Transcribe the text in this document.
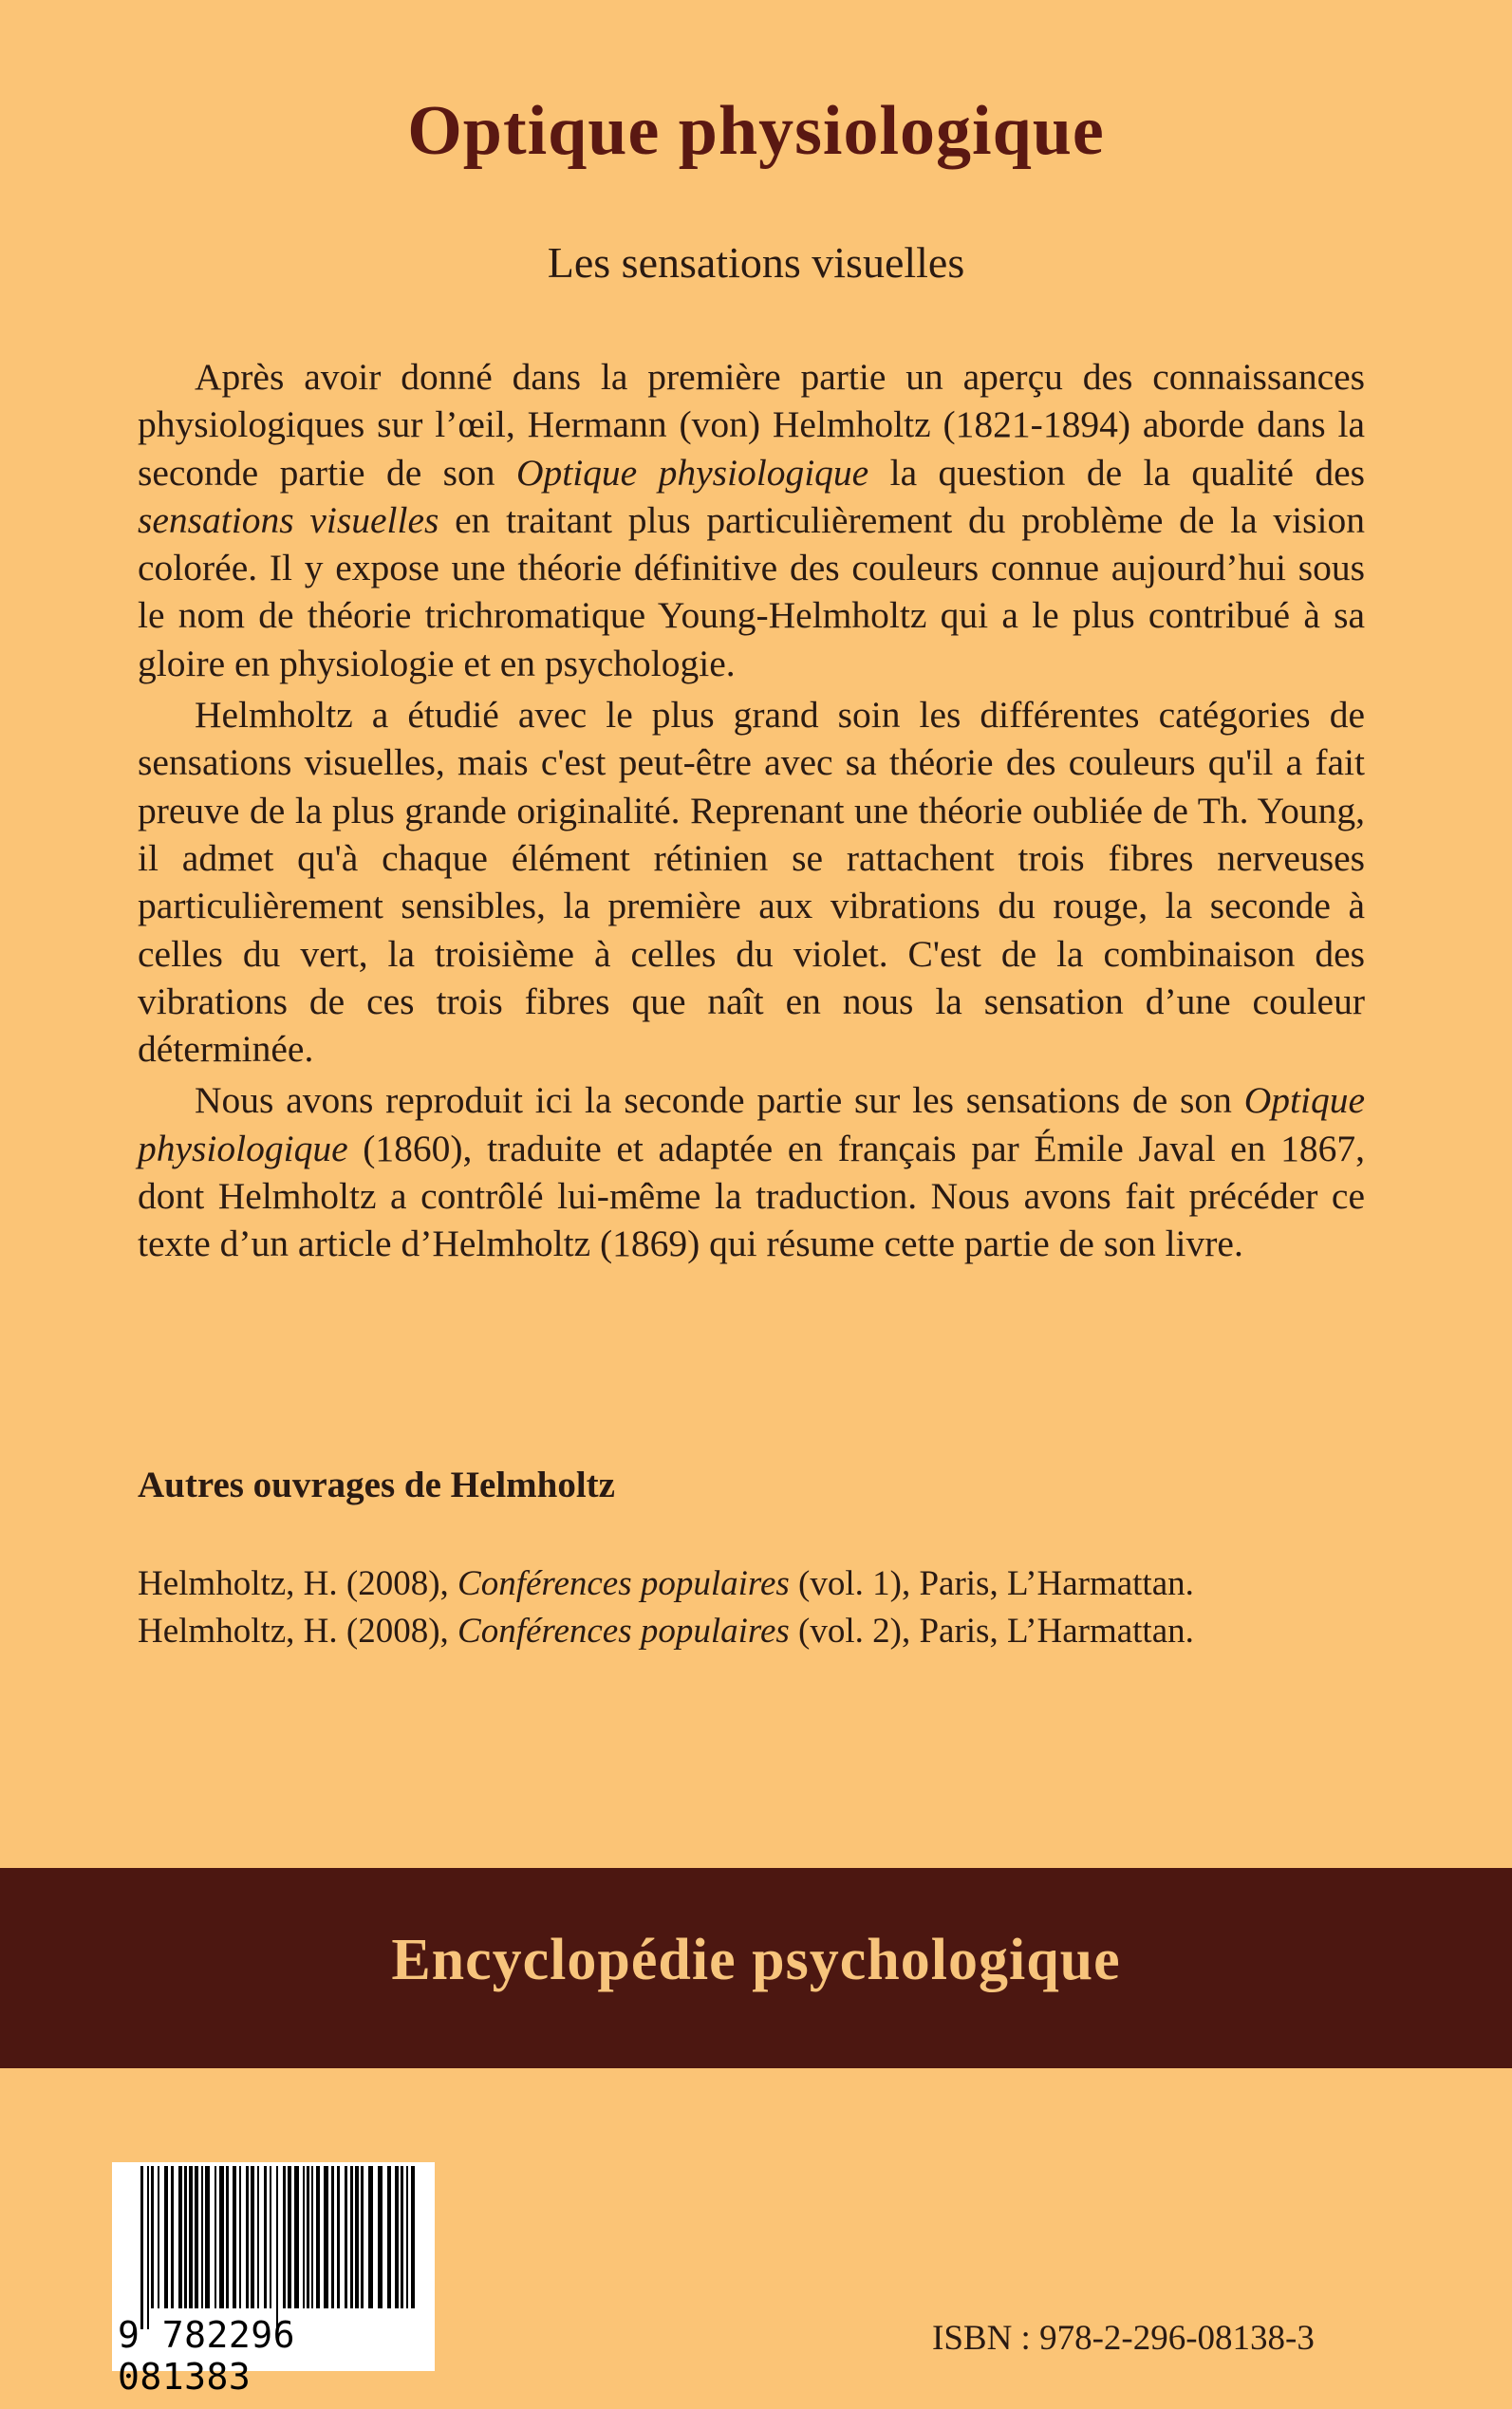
Optique physiologique
Les sensations visuelles

Après avoir donné dans la première partie un aperçu des connaissances physiologiques sur l’œil, Hermann (von) Helmholtz (1821-1894) aborde dans la seconde partie de son Optique physiologique la question de la qualité des sensations visuelles en traitant plus particulièrement du problème de la vision colorée. Il y expose une théorie définitive des couleurs connue aujourd’hui sous le nom de théorie trichromatique Young-Helmholtz qui a le plus contribué à sa gloire en physiologie et en psychologie.

Helmholtz a étudié avec le plus grand soin les différentes catégories de sensations visuelles, mais c'est peut-être avec sa théorie des couleurs qu'il a fait preuve de la plus grande originalité. Reprenant une théorie oubliée de Th. Young, il admet qu'à chaque élément rétinien se rattachent trois fibres nerveuses particulièrement sensibles, la première aux vibrations du rouge, la seconde à celles du vert, la troisième à celles du violet. C'est de la combinaison des vibrations de ces trois fibres que naît en nous la sensation d’une couleur déterminée.

Nous avons reproduit ici la seconde partie sur les sensations de son Optique physiologique (1860), traduite et adaptée en français par Émile Javal en 1867, dont Helmholtz a contrôlé lui-même la traduction. Nous avons fait précéder ce texte d’un article d’Helmholtz (1869) qui résume cette partie de son livre.

Autres ouvrages de Helmholtz
Helmholtz, H. (2008), Conférences populaires (vol. 1), Paris, L’Harmattan.
Helmholtz, H. (2008), Conférences populaires (vol. 2), Paris, L’Harmattan.
Encyclopédie psychologique
9 782296 081383
ISBN : 978-2-296-08138-3
